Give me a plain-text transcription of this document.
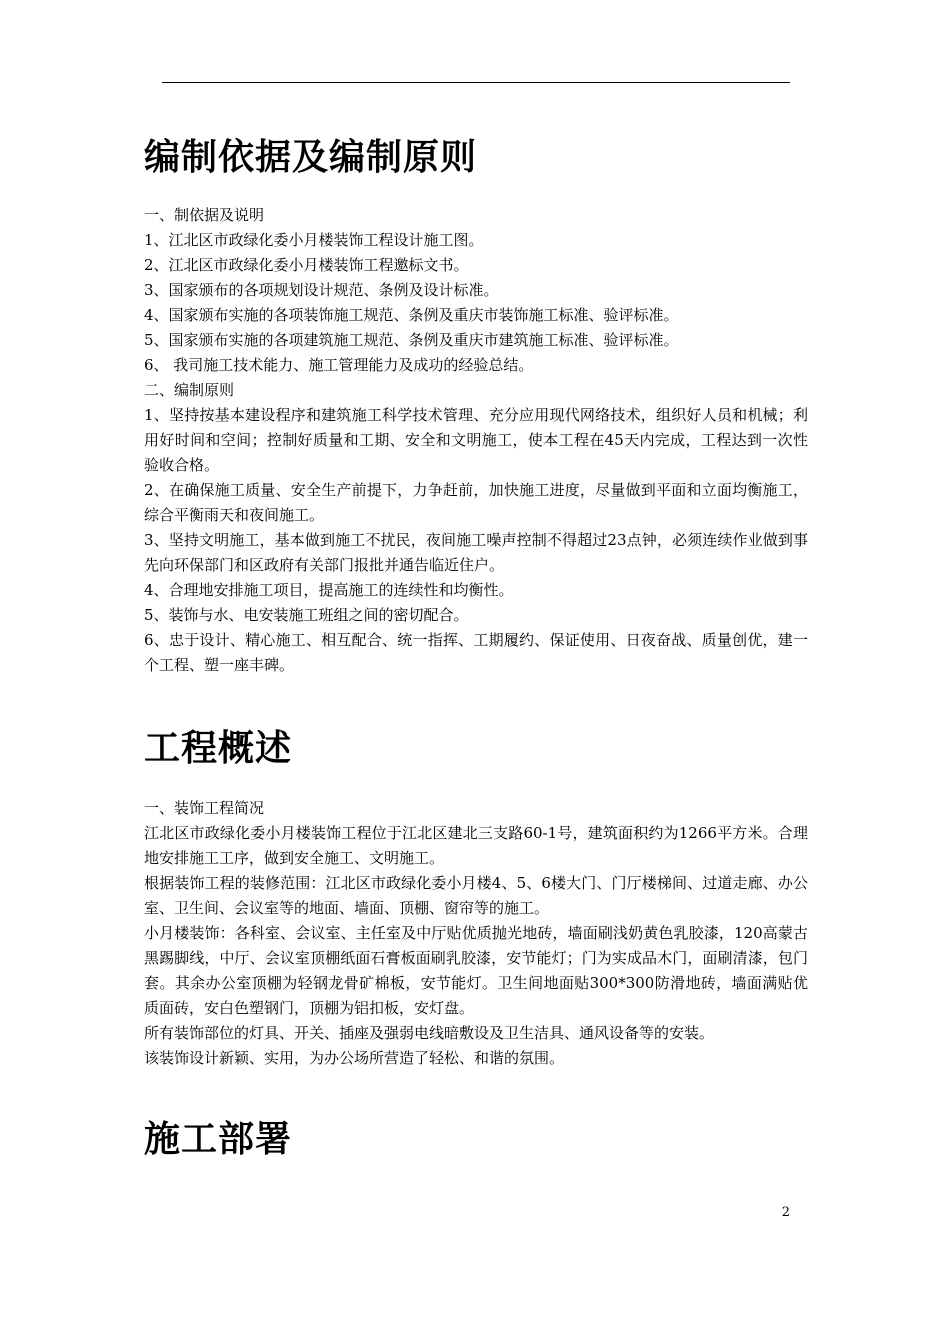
编制依据及编制原则

一、制依据及说明

1、江北区市政绿化委小月楼装饰工程设计施工图。

2、江北区市政绿化委小月楼装饰工程邀标文书。

3、国家颁布的各项规划设计规范、条例及设计标准。

4、国家颁布实施的各项装饰施工规范、条例及重庆市装饰施工标准、验评标准。

5、国家颁布实施的各项建筑施工规范、条例及重庆市建筑施工标准、验评标准。

6、 我司施工技术能力、施工管理能力及成功的经验总结。

二、编制原则

1、坚持按基本建设程序和建筑施工科学技术管理、充分应用现代网络技术，组织好人员和机械；利用好时间和空间；控制好质量和工期、安全和文明施工，使本工程在45天内完成，工程达到一次性验收合格。

2、在确保施工质量、安全生产前提下，力争赶前，加快施工进度，尽量做到平面和立面均衡施工，综合平衡雨天和夜间施工。

3、坚持文明施工，基本做到施工不扰民，夜间施工噪声控制不得超过23点钟，必须连续作业做到事先向环保部门和区政府有关部门报批并通告临近住户。

4、合理地安排施工项目，提高施工的连续性和均衡性。

5、装饰与水、电安装施工班组之间的密切配合。

6、忠于设计、精心施工、相互配合、统一指挥、工期履约、保证使用、日夜奋战、质量创优，建一个工程、塑一座丰碑。

工程概述

一、装饰工程简况

江北区市政绿化委小月楼装饰工程位于江北区建北三支路60-1号，建筑面积约为1266平方米。合理地安排施工工序，做到安全施工、文明施工。

根据装饰工程的装修范围：江北区市政绿化委小月楼4、5、6楼大门、门厅楼梯间、过道走廊、办公室、卫生间、会议室等的地面、墙面、顶棚、窗帘等的施工。

小月楼装饰：各科室、会议室、主任室及中厅贴优质抛光地砖，墙面刷浅奶黄色乳胶漆，120高蒙古黑踢脚线，中厅、会议室顶棚纸面石膏板面刷乳胶漆，安节能灯；门为实成品木门，面刷清漆，包门套。其余办公室顶棚为轻钢龙骨矿棉板，安节能灯。卫生间地面贴300*300防滑地砖，墙面满贴优质面砖，安白色塑钢门，顶棚为铝扣板，安灯盘。

所有装饰部位的灯具、开关、插座及强弱电线暗敷设及卫生洁具、通风设备等的安装。

该装饰设计新颖、实用，为办公场所营造了轻松、和谐的氛围。

施工部署
2
